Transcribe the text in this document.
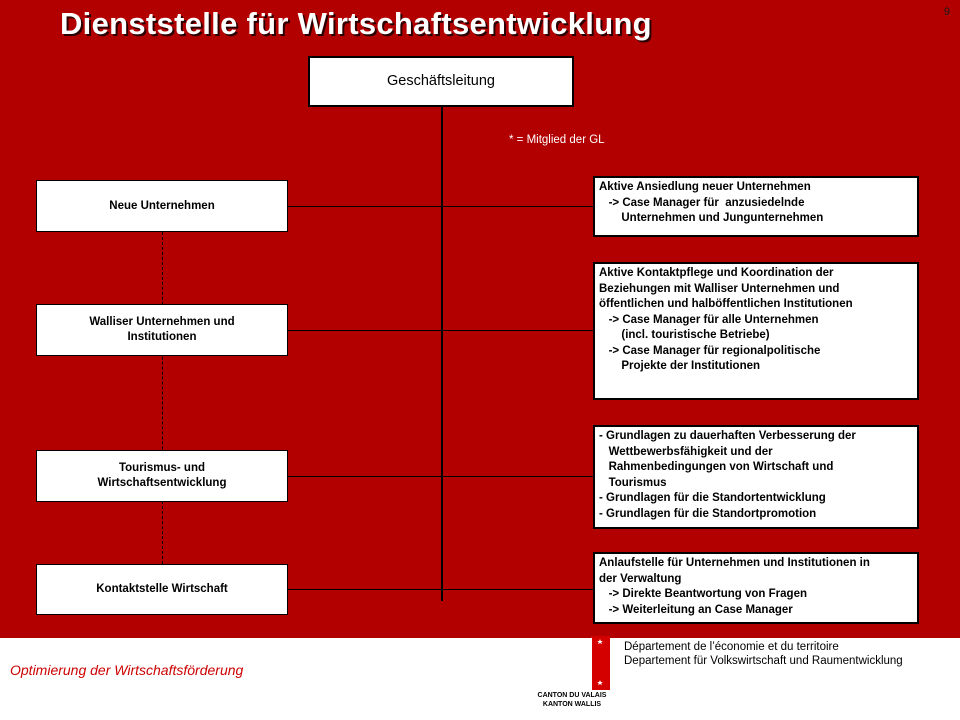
Dienststelle für Wirtschaftsentwicklung	9
* = Mitglied der GL
Geschäftsleitung
Neue Unternehmen
Walliser Unternehmen und
Institutionen
Tourismus- und
Wirtschaftsentwicklung
Kontaktstelle Wirtschaft
Aktive Ansiedlung neuer Unternehmen
-> Case Manager für  anzusiedelnde
Unternehmen und Jungunternehmen
Aktive Kontaktpflege und Koordination der
Beziehungen mit Walliser Unternehmen und
öffentlichen und halböffentlichen Institutionen
-> Case Manager für alle Unternehmen
(incl. touristische Betriebe)
-> Case Manager für regionalpolitische
Projekte der Institutionen
- Grundlagen zu dauerhaften Verbesserung der
Wettbewerbsfähigkeit und der
Rahmenbedingungen von Wirtschaft und
Tourismus
- Grundlagen für die Standortentwicklung
- Grundlagen für die Standortpromotion
Anlaufstelle für Unternehmen und Institutionen in
der Verwaltung
-> Direkte Beantwortung von Fragen
-> Weiterleitung an Case Manager
Optimierung der Wirtschaftsförderung
CANTON DU VALAIS
KANTON WALLIS
Département de l’économie et du territoire
Departement für Volkswirtschaft und Raumentwicklung
